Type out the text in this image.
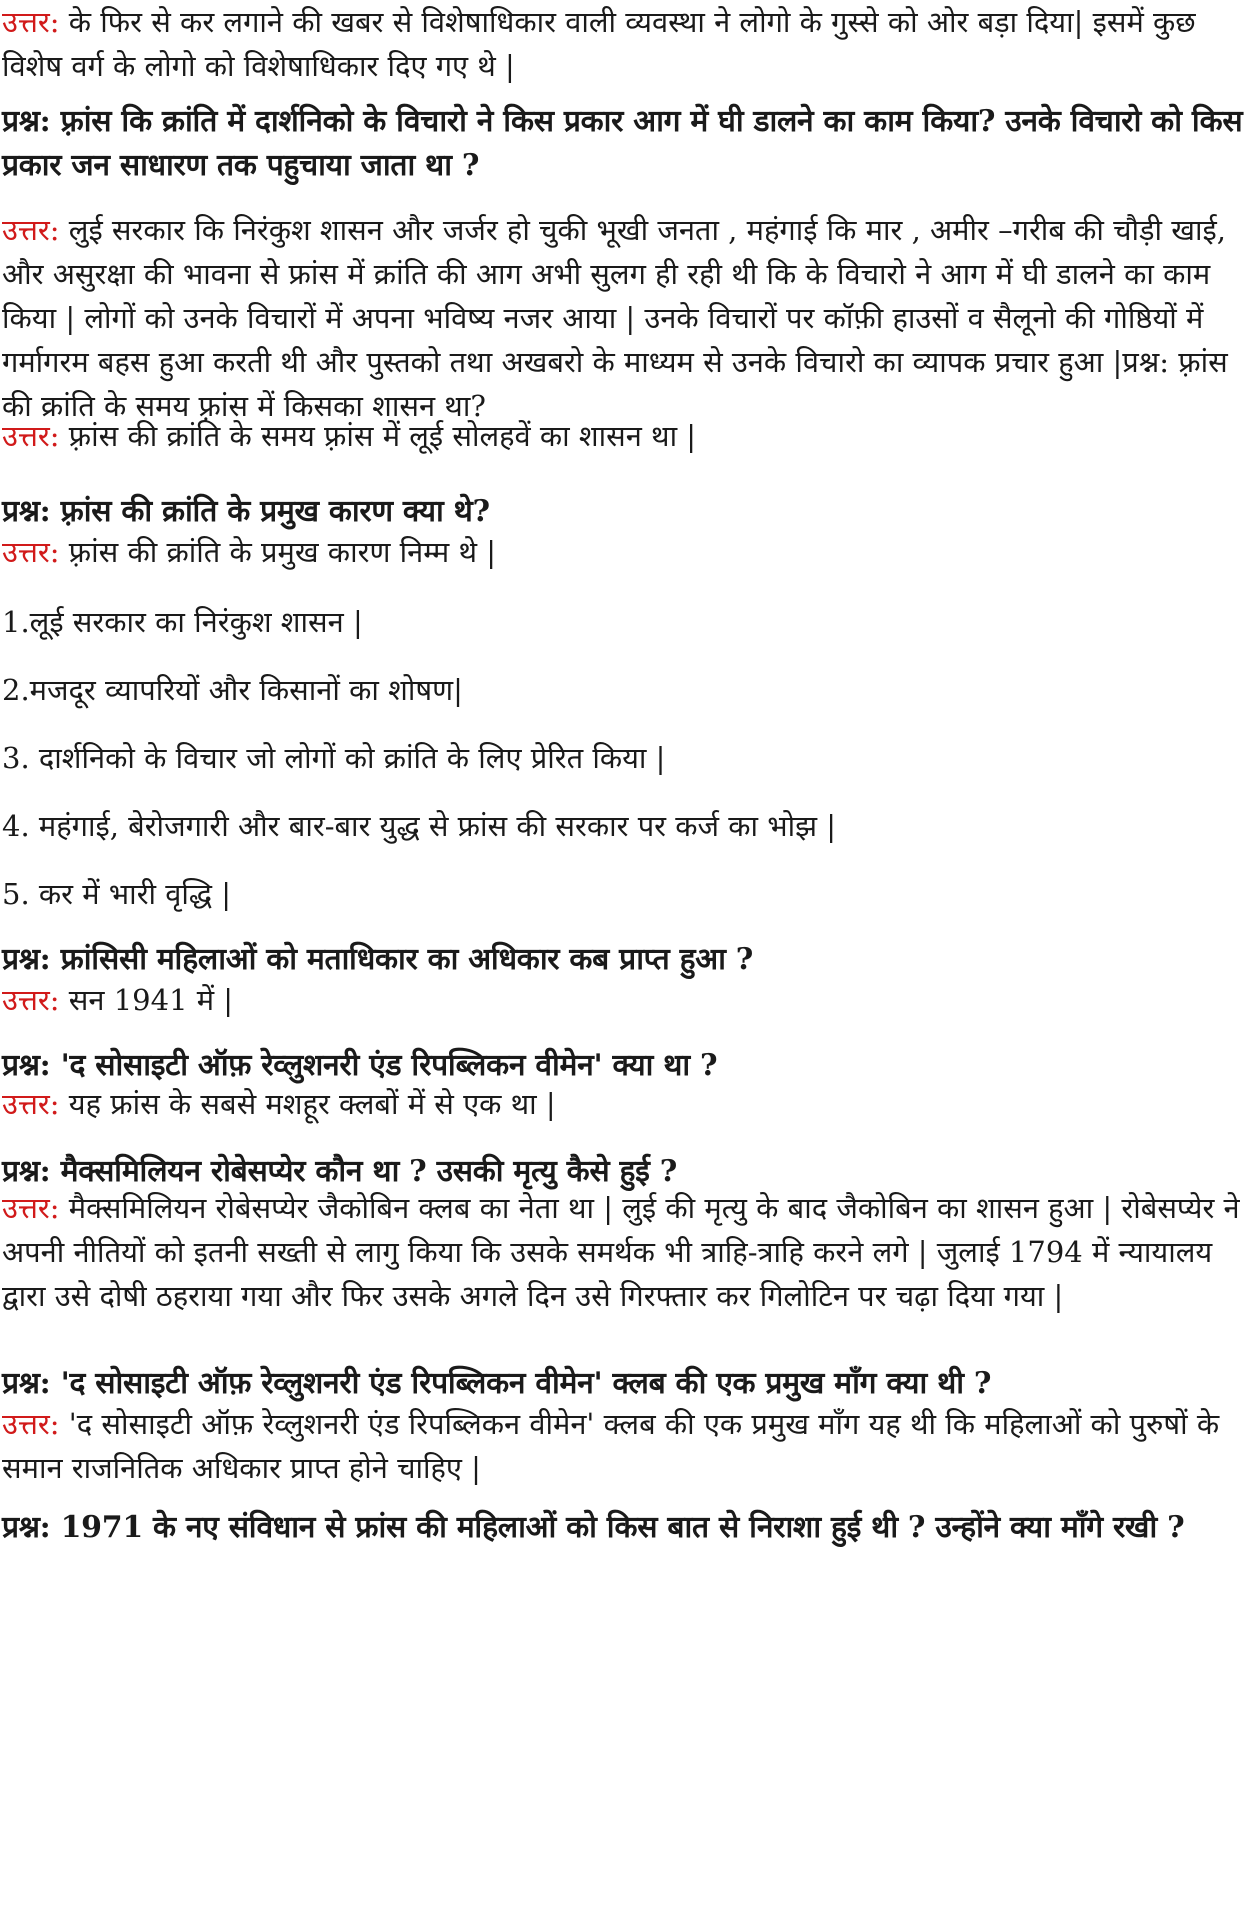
उत्तर: के फिर से कर लगाने की खबर से विशेषाधिकार वाली व्यवस्था ने लोगो के गुस्से को ओर बड़ा दिया| इसमें कुछ विशेष वर्ग के लोगो को विशेषाधिकार दिए गए थे |

प्रश्न: फ़्रांस कि क्रांति में दार्शनिको के विचारो ने किस प्रकार आग में घी डालने का काम किया? उनके विचारो को किस प्रकार जन साधारण तक पहुचाया जाता था ?

उत्तर: लुई सरकार कि निरंकुश शासन और जर्जर हो चुकी भूखी जनता , महंगाई कि मार , अमीर –गरीब की चौड़ी खाई, और असुरक्षा की भावना से फ्रांस में क्रांति की आग अभी सुलग ही रही थी कि के विचारो ने आग में घी डालने का काम किया | लोगों को उनके विचारों में अपना भविष्य नजर आया | उनके विचारों पर कॉफ़ी हाउसों व सैलूनो की गोष्ठियों में गर्मागरम बहस हुआ करती थी और पुस्तको तथा अखबरो के माध्यम से उनके विचारो का व्यापक प्रचार हुआ |प्रश्न: फ़्रांस की क्रांति के समय फ़्रांस में किसका शासन था?

उत्तर: फ़्रांस की क्रांति के समय फ़्रांस में लूई सोलहवें का शासन था |

प्रश्न: फ़्रांस की क्रांति के प्रमुख कारण क्या थे?

उत्तर: फ़्रांस की क्रांति के प्रमुख कारण निम्म थे |

1.लूई सरकार का निरंकुश शासन |

2.मजदूर व्यापरियों और किसानों का शोषण|

3. दार्शनिको के विचार जो लोगों को क्रांति के लिए प्रेरित किया |

4. महंगाई, बेरोजगारी और बार-बार युद्ध से फ्रांस की सरकार पर कर्ज का भोझ |

5. कर में भारी वृद्धि |

प्रश्न: फ्रांसिसी महिलाओं को मताधिकार का अधिकार कब प्राप्त हुआ ?

उत्तर: सन 1941 में |

प्रश्न: 'द सोसाइटी ऑफ़ रेव्लुशनरी एंड रिपब्लिकन वीमेन' क्या था ?

उत्तर: यह फ्रांस के सबसे मशहूर क्लबों में से एक था |

प्रश्न: मैक्समिलियन रोबेसप्येर कौन था ? उसकी मृत्यु कैसे हुई ?

उत्तर: मैक्समिलियन रोबेसप्येर जैकोबिन क्लब का नेता था | लुई की मृत्यु के बाद जैकोबिन का शासन हुआ | रोबेसप्येर ने अपनी नीतियों को इतनी सख्ती से लागु किया कि उसके समर्थक भी त्राहि-त्राहि करने लगे | जुलाई 1794 में न्यायालय द्वारा उसे दोषी ठहराया गया और फिर उसके अगले दिन उसे गिरफ्तार कर गिलोटिन पर चढ़ा दिया गया |

प्रश्न: 'द सोसाइटी ऑफ़ रेव्लुशनरी एंड रिपब्लिकन वीमेन' क्लब की एक प्रमुख माँग क्या थी ?

उत्तर: 'द सोसाइटी ऑफ़ रेव्लुशनरी एंड रिपब्लिकन वीमेन' क्लब की एक प्रमुख माँग यह थी कि महिलाओं को पुरुषों के समान राजनितिक अधिकार प्राप्त होने चाहिए |

प्रश्न: 1971 के नए संविधान से फ्रांस की महिलाओं को किस बात से निराशा हुई थी ? उन्होंने क्या माँगे रखी ?
